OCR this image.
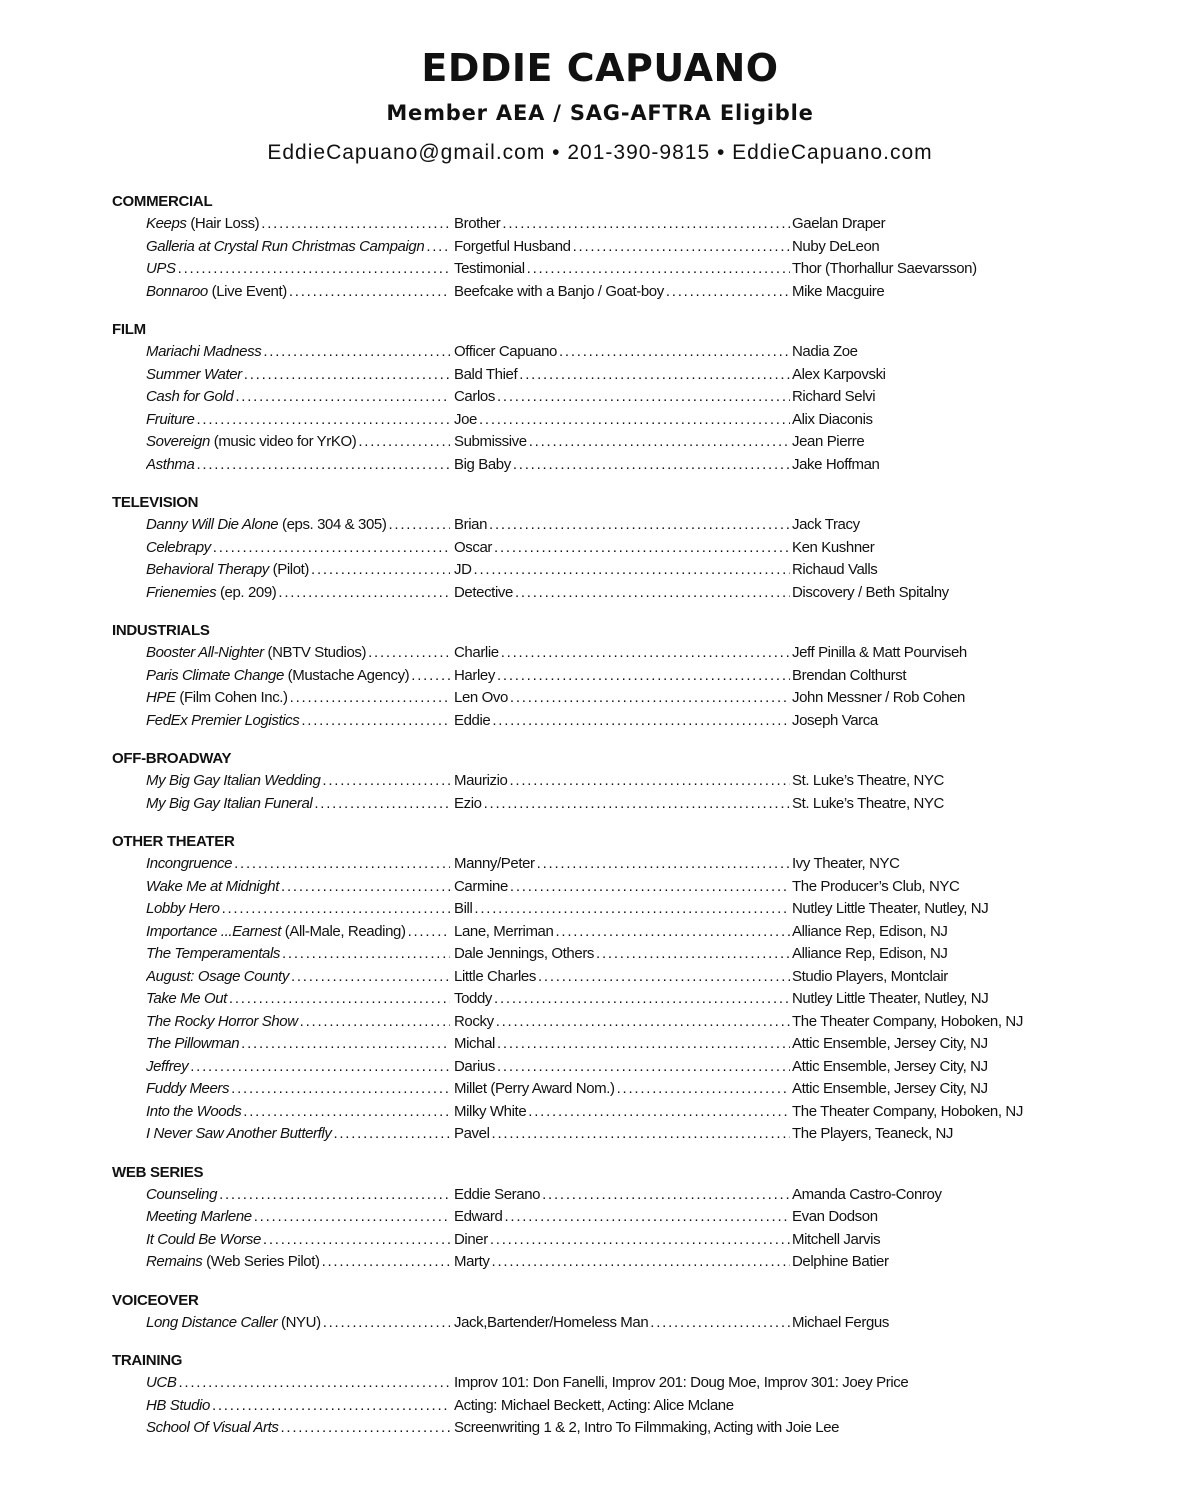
EDDIE CAPUANO
Member AEA / SAG-AFTRA Eligible
EddieCapuano@gmail.com • 201-390-9815 • EddieCapuano.com
COMMERCIAL
Keeps (Hair Loss) . . .	Brother . . .	Gaelan Draper
Galleria at Crystal Run Christmas Campaign . . . Forgetful Husband . . .	Nuby DeLeon
UPS . . .	Testimonial . . .	Thor (Thorhallur Saevarsson)
Bonnaroo (Live Event) . . .	Beefcake with a Banjo / Goat-boy . . .	Mike Macguire
FILM
Mariachi Madness . . .	Officer Capuano . . .	Nadia Zoe
Summer Water . . .	Bald Thief . . .	Alex Karpovski
Cash for Gold . . .	Carlos . . .	Richard Selvi
Fruiture . . .	Joe . . .	Alix Diaconis
Sovereign (music video for YrKO) . . .	Submissive . . .	Jean Pierre
Asthma . . .	Big Baby . . .	Jake Hoffman
TELEVISION
Danny Will Die Alone (eps. 304 & 305) . . .	Brian . . .	Jack Tracy
Celebrapy . . .	Oscar . . .	Ken Kushner
Behavioral Therapy (Pilot) . . .	JD . . .	Richaud Valls
Frienemies (ep. 209) . . .	Detective . . .	Discovery / Beth Spitalny
INDUSTRIALS
Booster All-Nighter (NBTV Studios) . . .	Charlie . . .	Jeff Pinilla & Matt Pourviseh
Paris Climate Change (Mustache Agency) . . .	Harley . . .	Brendan Colthurst
HPE (Film Cohen Inc.) . . .	Len Ovo . . .	John Messner / Rob Cohen
FedEx Premier Logistics . . .	Eddie . . .	Joseph Varca
OFF-BROADWAY
My Big Gay Italian Wedding . . .	Maurizio . . .	St. Luke’s Theatre, NYC
My Big Gay Italian Funeral . . .	Ezio . . .	St. Luke’s Theatre, NYC
OTHER THEATER
Incongruence . . .	Manny/Peter . . .	Ivy Theater, NYC
Wake Me at Midnight . . .	Carmine . . .	The Producer’s Club, NYC
Lobby Hero . . .	Bill . . .	Nutley Little Theater, Nutley, NJ
Importance ...Earnest (All-Male, Reading) . . .	Lane, Merriman . . .	Alliance Rep, Edison, NJ
The Temperamentals . . .	Dale Jennings, Others . . .	Alliance Rep, Edison, NJ
August: Osage County . . .	Little Charles . . .	Studio Players, Montclair
Take Me Out . . .	Toddy . . .	Nutley Little Theater, Nutley, NJ
The Rocky Horror Show . . .	Rocky . . .	The Theater Company, Hoboken, NJ
The Pillowman . . .	Michal . . .	Attic Ensemble, Jersey City, NJ
Jeffrey . . .	Darius . . .	Attic Ensemble, Jersey City, NJ
Fuddy Meers . . .	Millet (Perry Award Nom.) . . .	Attic Ensemble, Jersey City, NJ
Into the Woods . . .	Milky White . . .	The Theater Company, Hoboken, NJ
I Never Saw Another Butterfly . . .	Pavel . . .	The Players, Teaneck, NJ
WEB SERIES
Counseling . . .	Eddie Serano . . .	Amanda Castro-Conroy
Meeting Marlene . . .	Edward . . .	Evan Dodson
It Could Be Worse . . .	Diner . . .	Mitchell Jarvis
Remains (Web Series Pilot) . . .	Marty . . .	Delphine Batier
VOICEOVER
Long Distance Caller (NYU) . . .	Jack,Bartender/Homeless Man . . .	Michael Fergus
TRAINING
UCB . . .	Improv 101: Don Fanelli, Improv 201: Doug Moe, Improv 301: Joey Price
HB Studio . . .	Acting: Michael Beckett, Acting: Alice Mclane
School Of Visual Arts . . .	Screenwriting 1 & 2, Intro To Filmmaking, Acting with Joie Lee
